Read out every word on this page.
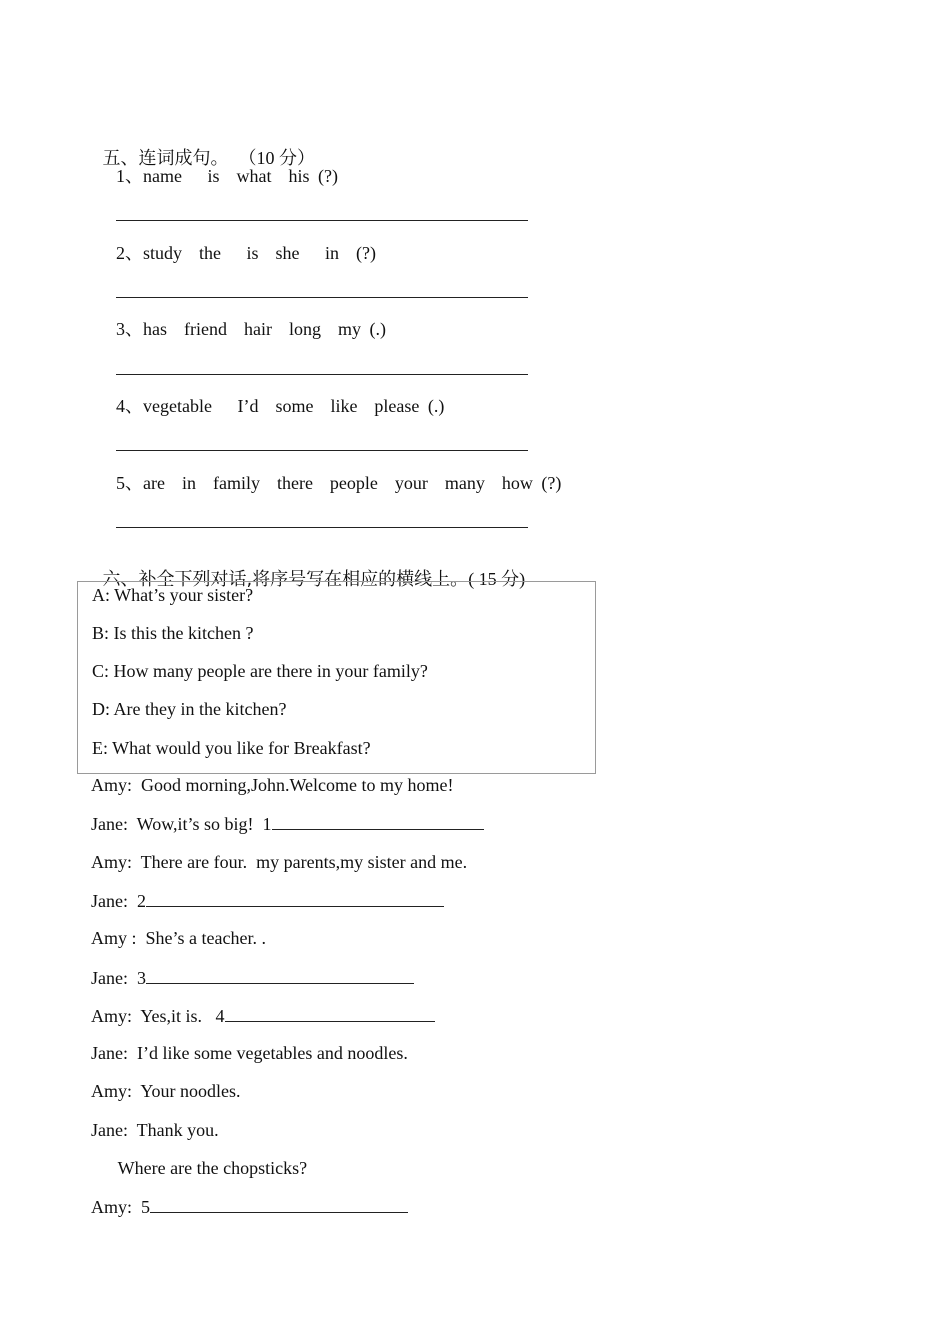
五、连词成句。 （10 分）

1、name   is  what  his (?)
2、study  the   is  she   in  (?)
3、has  friend  hair  long  my (.)
4、vegetable   I’d  some  like  please (.)
5、are  in  family  there  people  your  many  how (?)

六、补全下列对话,将序号写在相应的横线上。( 15 分)

A: What’s your sister?
B: Is this the kitchen ?
C: How many people are there in your family?
D: Are they in the kitchen?
E: What would you like for Breakfast?
Amy:  Good morning,John.Welcome to my home!
Jane:  Wow,it’s so big!  1
Amy:  There are four.  my parents,my sister and me.
Jane:  2
Amy :  She’s a teacher. .
Jane:  3
Amy:  Yes,it is.   4
Jane:  I’d like some vegetables and noodles.
Amy:  Your noodles.
Jane:  Thank you.
Where are the chopsticks?
Amy:  5
